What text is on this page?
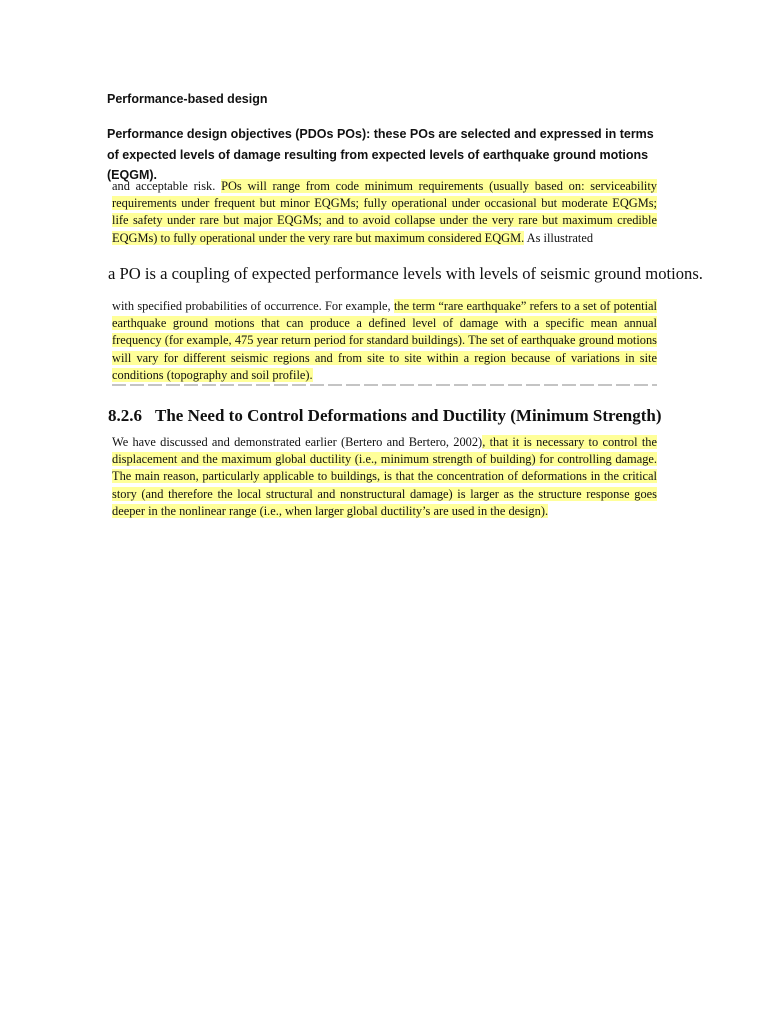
Performance-based design
Performance design objectives (PDOs POs): these POs are selected and expressed in terms of expected levels of damage resulting from expected levels of earthquake ground motions (EQGM).
and acceptable risk. POs will range from code minimum requirements (usually based on: serviceability requirements under frequent but minor EQGMs; fully operational under occasional but moderate EQGMs; life safety under rare but major EQGMs; and to avoid collapse under the very rare but maximum credible EQGMs) to fully operational under the very rare but maximum considered EQGM. As illustrated
a PO is a coupling of expected performance levels with levels of seismic ground motions.
with specified probabilities of occurrence. For example, the term “rare earthquake” refers to a set of potential earthquake ground motions that can produce a defined level of damage with a specific mean annual frequency (for example, 475 year return period for standard buildings). The set of earthquake ground motions will vary for different seismic regions and from site to site within a region because of variations in site conditions (topography and soil profile).
8.2.6 The Need to Control Deformations and Ductility (Minimum Strength)
We have discussed and demonstrated earlier (Bertero and Bertero, 2002), that it is necessary to control the displacement and the maximum global ductility (i.e., minimum strength of building) for controlling damage. The main reason, particularly applicable to buildings, is that the concentration of deformations in the critical story (and therefore the local structural and nonstructural damage) is larger as the structure response goes deeper in the nonlinear range (i.e., when larger global ductility’s are used in the design).
